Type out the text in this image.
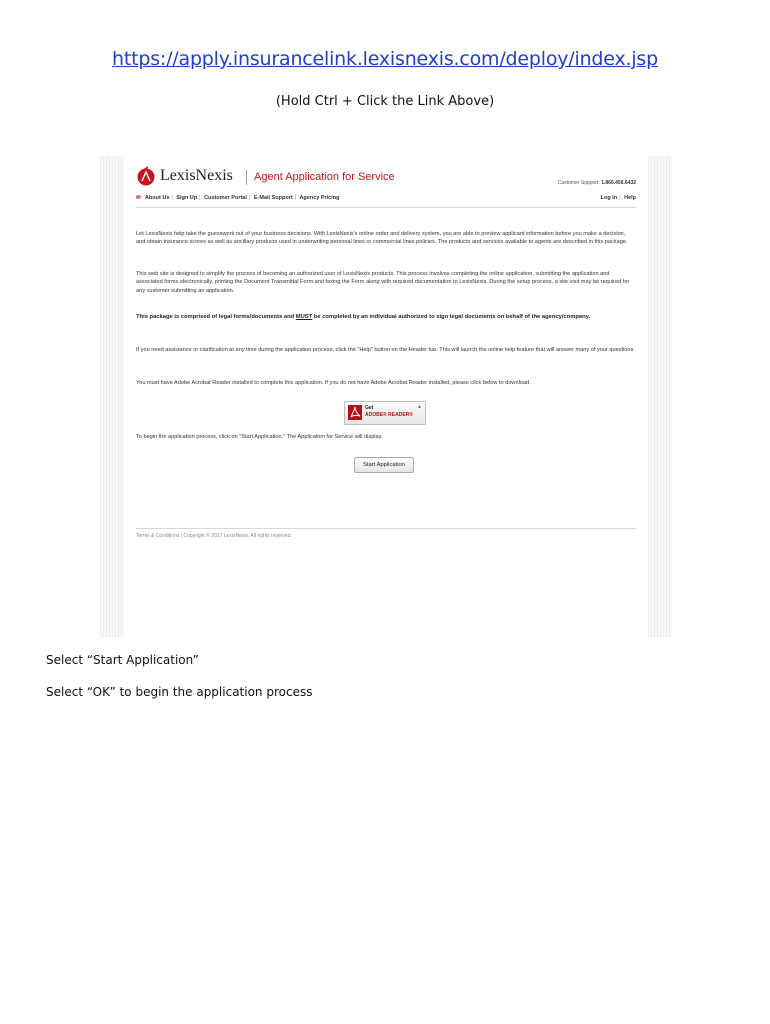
https://apply.insurancelink.lexisnexis.com/deploy/index.jsp
(Hold Ctrl + Click the Link Above)
LexisNexis Agent Application for Service	Customer Support: 1.866.456.6432
✉ About Us | Sign Up | Customer Portal | E-Mail Support | Agency Pricing	Log In | Help
Let LexisNexis help take the guesswork out of your business decisions. With LexisNexis's online order and delivery system, you are able to preview applicant information before you make a decision, and obtain insurance scores as well as ancillary products used in underwriting personal lines or commercial lines policies. The products and services available to agents are described in this package.
This web site is designed to simplify the process of becoming an authorized user of LexisNexis products. This process involves completing the online application, submitting the application and associated forms electronically, printing the Document Transmittal Form and faxing the Form along with required documentation to LexisNexis. During the setup process, a site visit may be required for any customer submitting an application.
This package is comprised of legal forms/documents and MUST be completed by an individual authorized to sign legal documents on behalf of the agency/company.
If you need assistance or clarification at any time during the application process, click the "Help" button on the Header bar. This will launch the online help feature that will answer many of your questions.
You must have Adobe Acrobat Reader installed to complete this application. If you do not have Adobe Acrobat Reader installed, please click below to download.
Get
ADOBE® READER®
▲
To begin the application process, click on "Start Application." The Application for Service will display.
Start Application
Terms & Conditions | Copyright © 2017 LexisNexis. All rights reserved.
Select “Start Application”
Select “OK” to begin the application process
